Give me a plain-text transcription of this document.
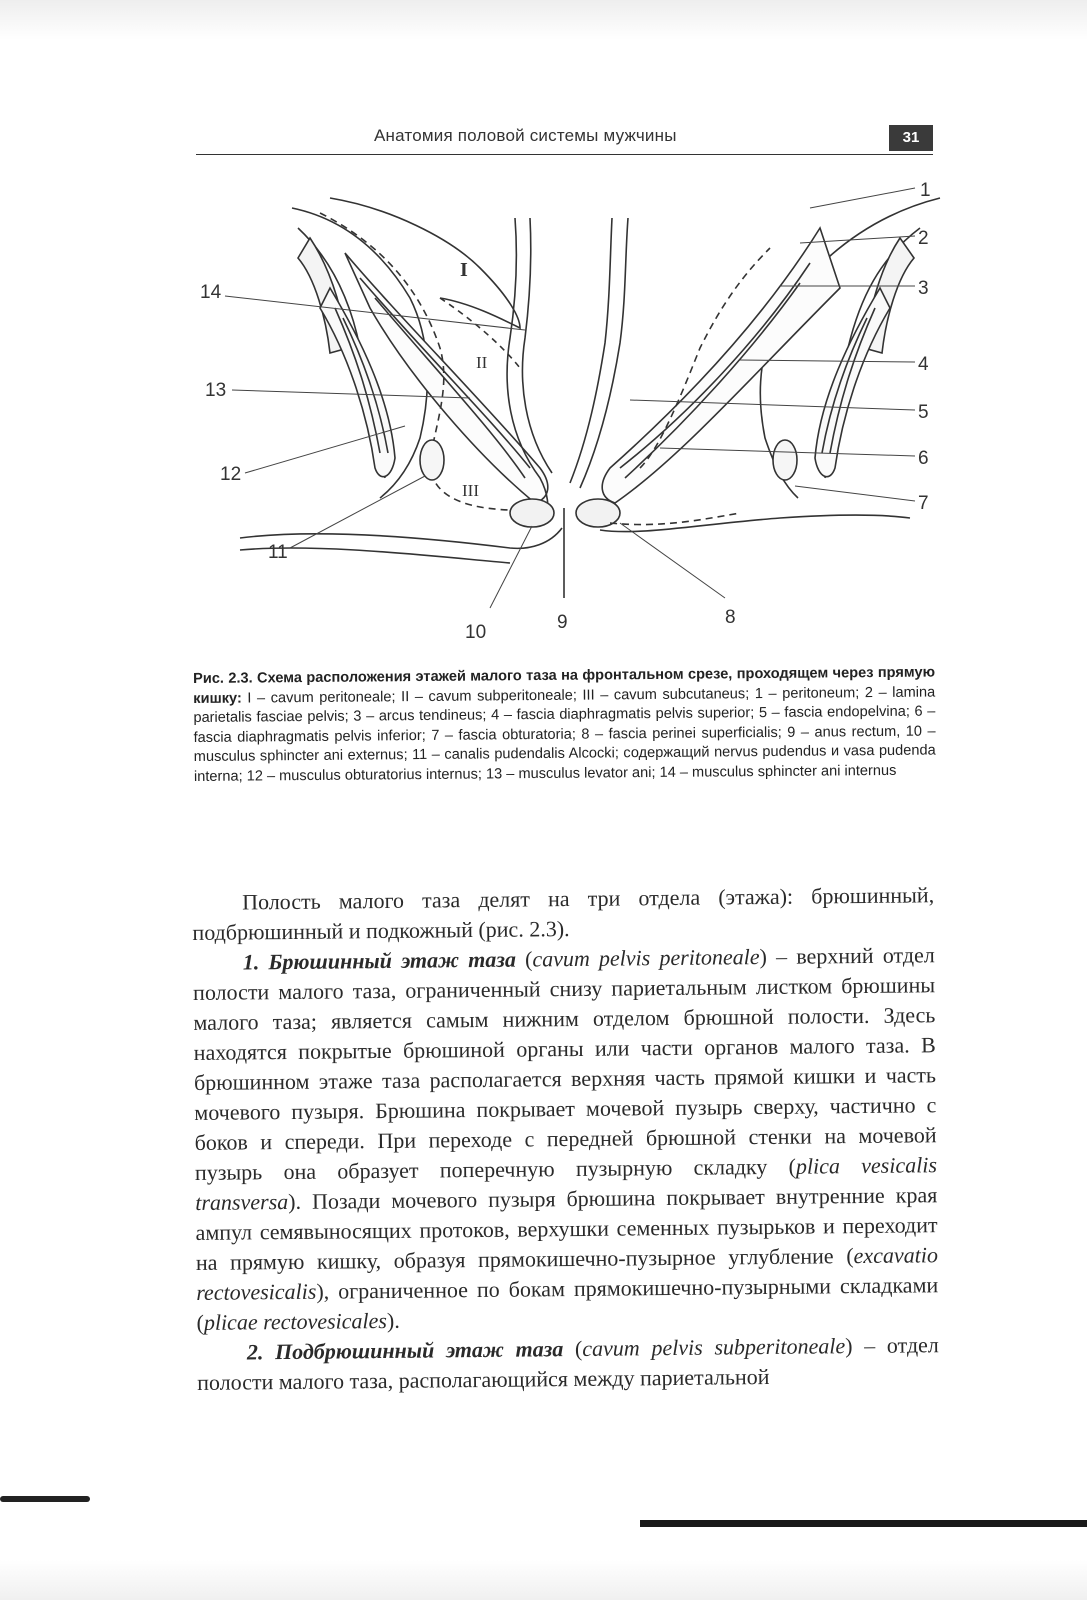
Анатомия половой системы мужчины	31
1
2
3
4
5
6
7
8
9
10
11
12
13
14
I
II
III
Рис. 2.3. Схема расположения этажей малого таза на фронтальном срезе, проходящем через прямую кишку: I – cavum peritoneale; II – cavum subperitoneale; III – cavum subcutaneus; 1 – peritoneum; 2 – lamina parietalis fasciae pelvis; 3 – arcus tendineus; 4 – fascia diaphragmatis pelvis superior; 5 – fascia endopelvina; 6 – fascia diaphragmatis pelvis inferior; 7 – fascia obturatoria; 8 – fascia perinei superficialis; 9 – anus rectum, 10 – musculus sphincter ani externus; 11 – canalis pudendalis Alcocki; содержащий nervus pudendus и vasa pudenda interna; 12 – musculus obturatorius internus; 13 – musculus levator ani; 14 – musculus sphincter ani internus

Полость малого таза делят на три отдела (этажа): брюшинный, подбрюшинный и подкожный (рис. 2.3).

1. Брюшинный этаж таза (cavum pelvis peritoneale) – верхний отдел полости малого таза, ограниченный снизу париетальным листком брюшины малого таза; является самым нижним отделом брюшной полости. Здесь находятся покрытые брюшиной органы или части органов малого таза. В брюшинном этаже таза располагается верхняя часть прямой кишки и часть мочевого пузыря. Брюшина покрывает мочевой пузырь сверху, частично с боков и спереди. При переходе с передней брюшной стенки на мочевой пузырь она образует поперечную пузырную складку (plica vesicalis transversa). Позади мочевого пузыря брюшина покрывает внутренние края ампул семявыносящих протоков, верхушки семенных пузырьков и переходит на прямую кишку, образуя прямокишечно-пузырное углубление (excavatio rectovesicalis), ограниченное по бокам прямокишечно-пузырными складками (plicae rectovesicales).

2. Подбрюшинный этаж таза (cavum pelvis subperitoneale) – отдел полости малого таза, располагающийся между париетальной
